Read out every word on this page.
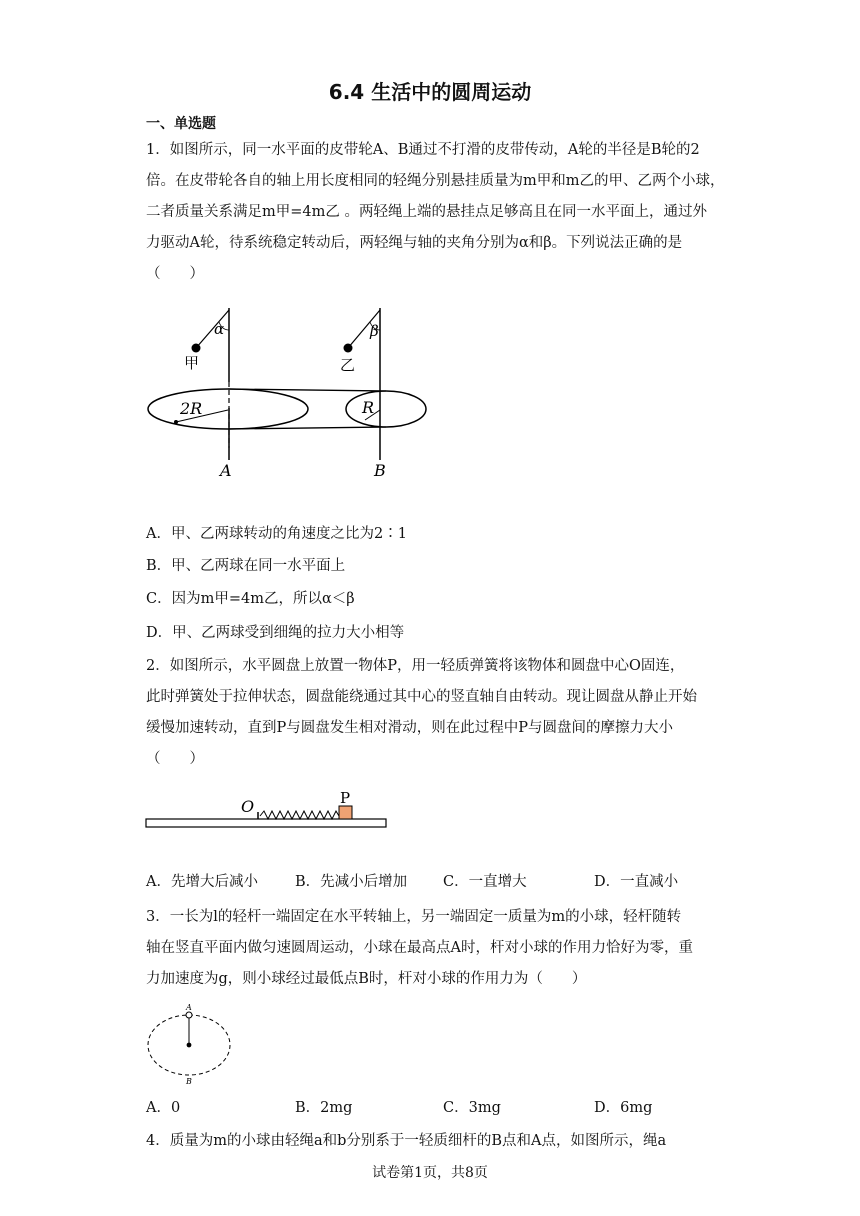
6.4 生活中的圆周运动
一、单选题

1．如图所示，同一水平面的皮带轮A、B通过不打滑的皮带传动，A轮的半径是B轮的2

倍。在皮带轮各自的轴上用长度相同的轻绳分别悬挂质量为m甲和m乙的甲、乙两个小球，

二者质量关系满足m甲=4m乙 。两轻绳上端的悬挂点足够高且在同一水平面上，通过外

力驱动A轮，待系统稳定转动后，两轻绳与轴的夹角分别为α和β。下列说法正确的是

（　　）

α	β
甲	乙
2R	R
A	B
A．甲、乙两球转动的角速度之比为2∶1
B．甲、乙两球在同一水平面上
C．因为m甲=4m乙，所以α＜β
D．甲、乙两球受到细绳的拉力大小相等

2．如图所示，水平圆盘上放置一物体P，用一轻质弹簧将该物体和圆盘中心O固连，

此时弹簧处于拉伸状态，圆盘能绕通过其中心的竖直轴自由转动。现让圆盘从静止开始

缓慢加速转动，直到P与圆盘发生相对滑动，则在此过程中P与圆盘间的摩擦力大小

（　　）

O	P
A．先增大后减小	B．先减小后增加 C．一直增大	D．一直减小

3．一长为l的轻杆一端固定在水平转轴上，另一端固定一质量为m的小球，轻杆随转

轴在竖直平面内做匀速圆周运动，小球在最高点A时，杆对小球的作用力恰好为零，重

力加速度为g，则小球经过最低点B时，杆对小球的作用力为（　　）

A
B
A．0	B．2mg	C．3mg	D．6mg
4．质量为m的小球由轻绳a和b分别系于一轻质细杆的B点和A点，如图所示，绳a
试卷第1页，共8页
